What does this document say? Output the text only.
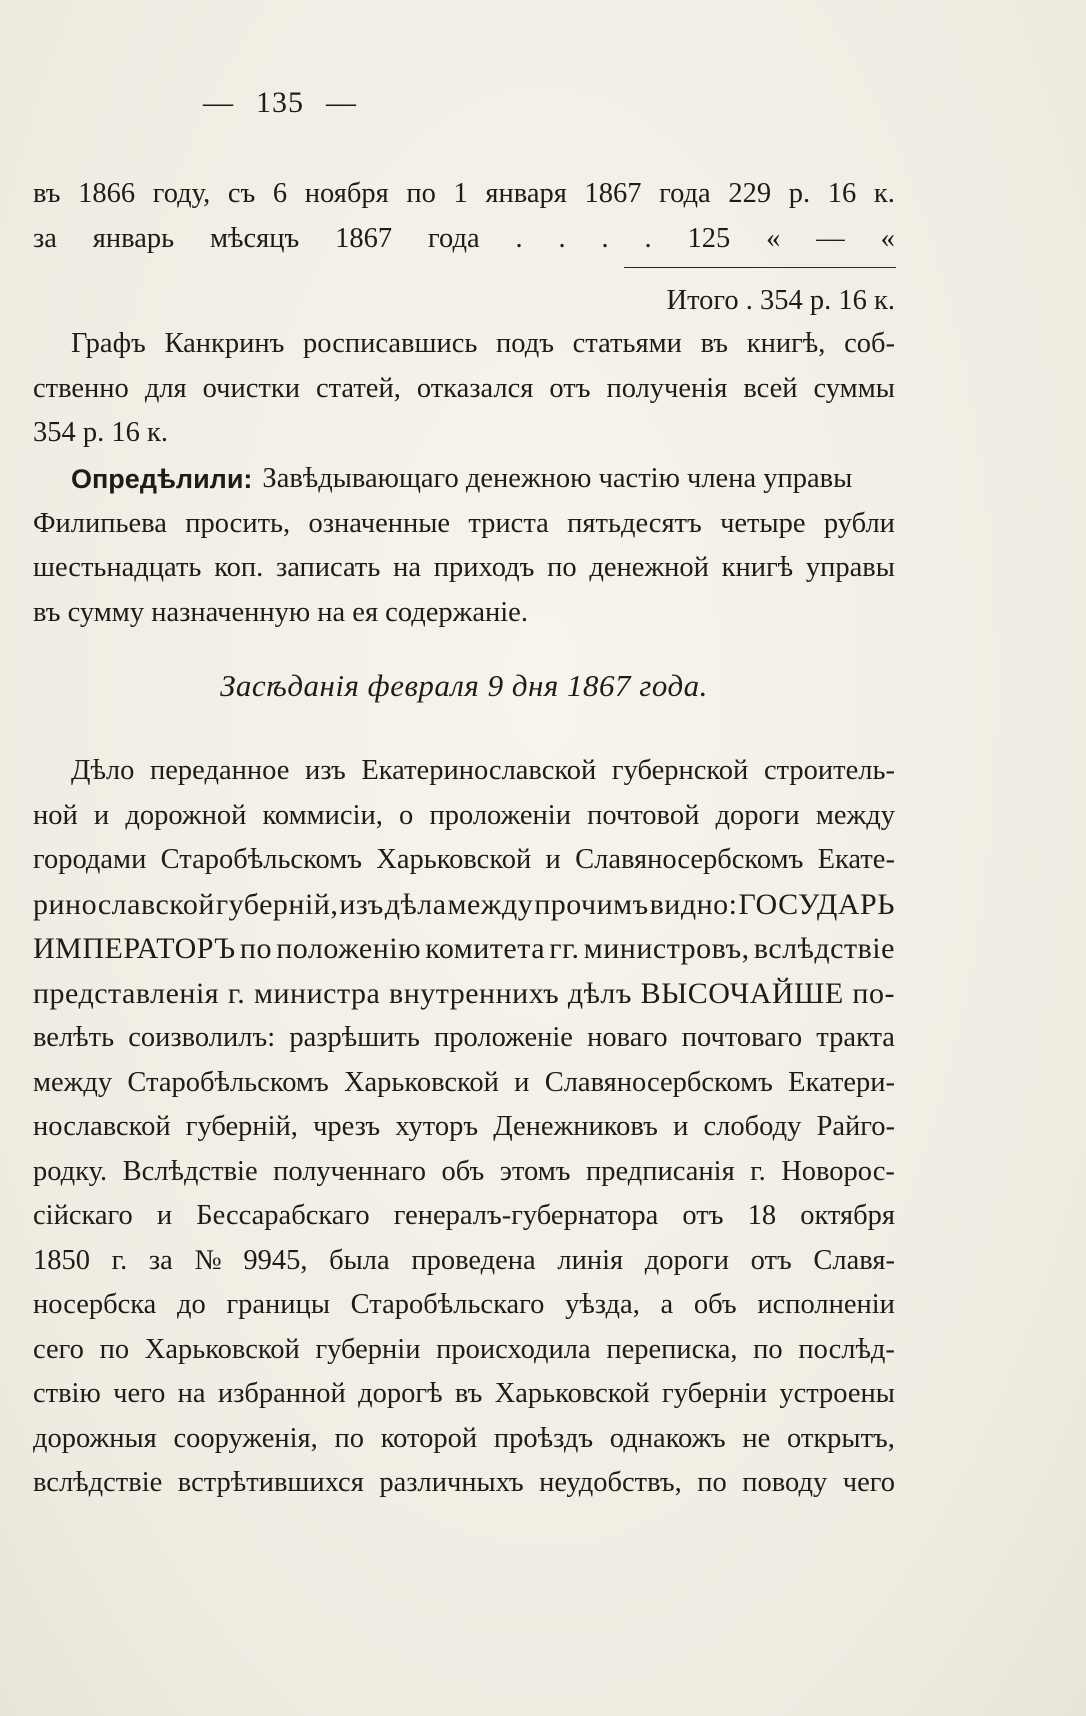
— 135 —
въ 1866 году, съ 6 ноября по 1 января 1867 года 229 р. 16 к.
за январь мѣсяцъ 1867 года . . . . 125 « — «
Итого . 354 р. 16 к.
Графъ Канкринъ росписавшись подъ статьями въ книгѣ, соб-
ственно для очистки статей, отказался отъ полученія всей суммы
354 р. 16 к.
Опредѣлили: Завѣдывающаго денежною частію члена управы
Филипьева просить, означенные триста пятьдесятъ четыре рубли
шестьнадцать коп. записать на приходъ по денежной книгѣ управы
въ сумму назначенную на ея содержаніе.
Засѣданія февраля 9 дня 1867 года.
Дѣло переданное изъ Екатеринославской губернской строитель-
ной и дорожной коммисіи, о проложеніи почтовой дороги между
городами Старобѣльскомъ Харьковской и Славяносербскомъ Екате-
ринославской губерній, изъ дѣла между прочимъ видно: ГОСУДАРЬ
ИМПЕРАТОРЪ по положенію комитета гг. министровъ, вслѣдствіе
представленія г. министра внутреннихъ дѣлъ ВЫСОЧАЙШЕ по-
велѣть соизволилъ: разрѣшить проложеніе новаго почтоваго тракта
между Старобѣльскомъ Харьковской и Славяносербскомъ Екатери-
нославской губерній, чрезъ хуторъ Денежниковъ и слободу Райго-
родку. Вслѣдствіе полученнаго объ этомъ предписанія г. Новорос-
сійскаго и Бессарабскаго генералъ-губернатора отъ 18 октября
1850 г. за № 9945, была проведена линія дороги отъ Славя-
носербска до границы Старобѣльскаго уѣзда, а объ исполненіи
сего по Харьковской губерніи происходила переписка, по послѣд-
ствію чего на избранной дорогѣ въ Харьковской губерніи устроены
дорожныя сооруженія, по которой проѣздъ однакожъ не открытъ,
вслѣдствіе встрѣтившихся различныхъ неудобствъ, по поводу чего
